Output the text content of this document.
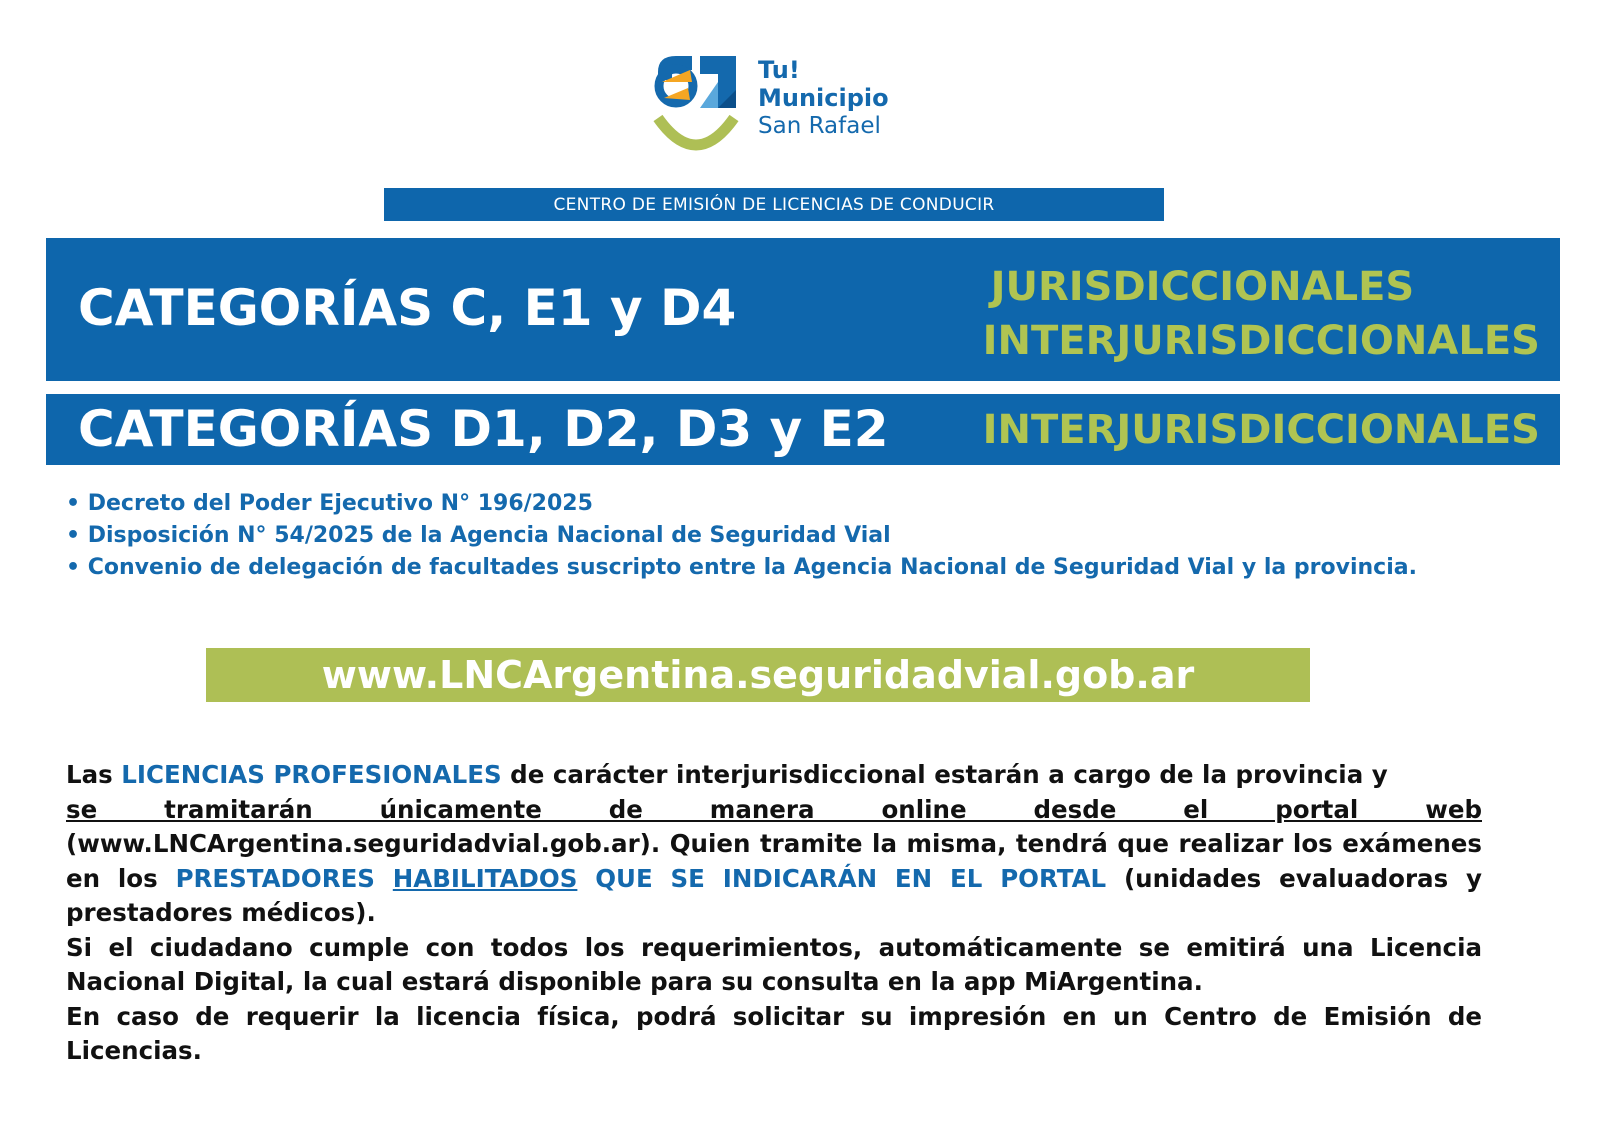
Tu!
Municipio
San Rafael
CENTRO DE EMISIÓN DE LICENCIAS DE CONDUCIR
CATEGORÍAS C, E1 y D4	JURISDICCIONALES
INTERJURISDICCIONALES
CATEGORÍAS D1, D2, D3 y E2 INTERJURISDICCIONALES
• Decreto del Poder Ejecutivo N° 196/2025
• Disposición N° 54/2025 de la Agencia Nacional de Seguridad Vial
• Convenio de delegación de facultades suscripto entre la Agencia Nacional de Seguridad Vial y la provincia.
www.LNCArgentina.seguridadvial.gob.ar

Las LICENCIAS PROFESIONALES de carácter interjurisdiccional estarán a cargo de la provincia y
se tramitarán únicamente de manera online desde el portal web
(www.LNCArgentina.seguridadvial.gob.ar). Quien tramite la misma, tendrá que realizar los exámenes en los PRESTADORES HABILITADOS QUE SE INDICARÁN EN EL PORTAL (unidades evaluadoras y prestadores médicos).

Si el ciudadano cumple con todos los requerimientos, automáticamente se emitirá una Licencia Nacional Digital, la cual estará disponible para su consulta en la app MiArgentina.

En caso de requerir la licencia física, podrá solicitar su impresión en un Centro de Emisión de Licencias.
